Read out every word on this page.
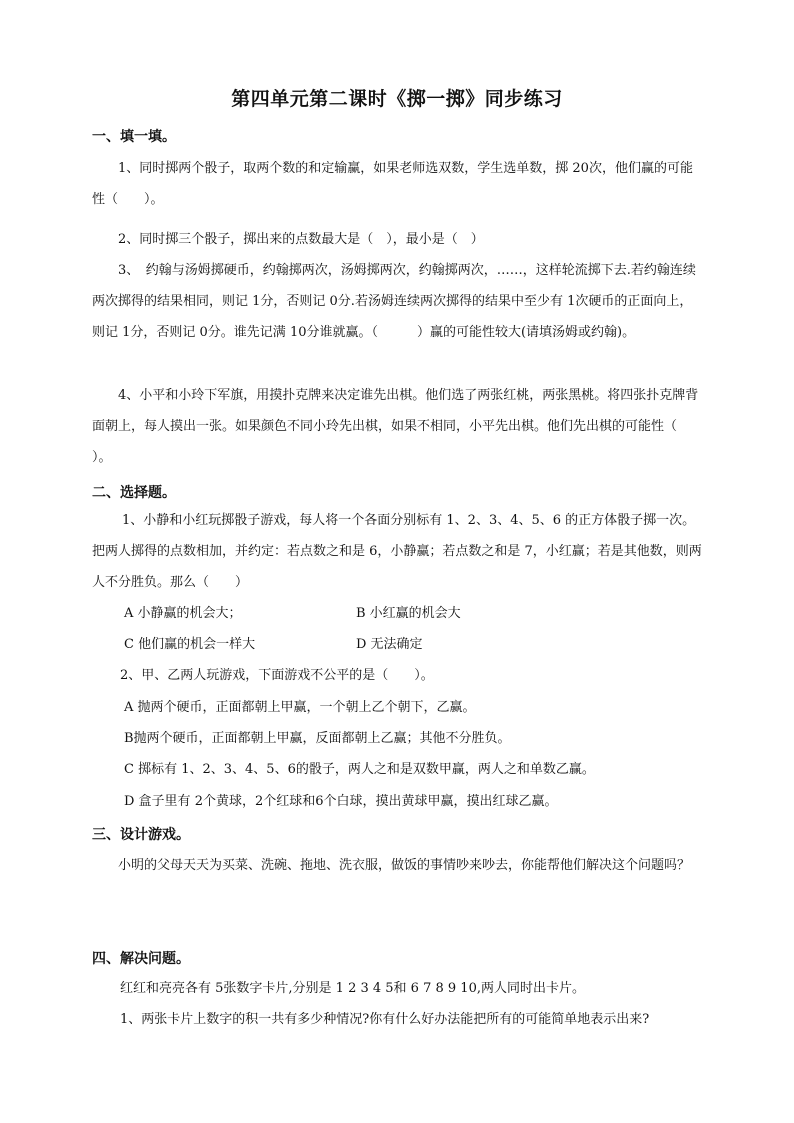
第四单元第二课时《掷一掷》同步练习
一、填一填。
1、同时掷两个骰子，取两个数的和定输赢，如果老师选双数，学生选单数，掷 20次，他们赢的可能性（　　）。
2、同时掷三个骰子，掷出来的点数最大是（　），最小是（　）
3、　约翰与汤姆掷硬币，约翰掷两次，汤姆掷两次，约翰掷两次，……，这样轮流掷下去.若约翰连续两次掷得的结果相同，则记 1分，否则记 0分.若汤姆连续两次掷得的结果中至少有 1次硬币的正面向上，则记 1分，否则记 0分。谁先记满 10分谁就赢。（　　　）赢的可能性较大(请填汤姆或约翰)。
4、小平和小玲下军旗，用摸扑克牌来决定谁先出棋。他们选了两张红桃，两张黑桃。将四张扑克牌背面朝上，每人摸出一张。如果颜色不同小玲先出棋，如果不相同，小平先出棋。他们先出棋的可能性（　　）。
二、选择题。
1、小静和小红玩掷骰子游戏，每人将一个各面分别标有 1、2、3、4、5、6 的正方体骰子掷一次。把两人掷得的点数相加，并约定：若点数之和是 6，小静赢；若点数之和是 7，小红赢；若是其他数，则两人不分胜负。那么（　　）
A 小静赢的机会大；	B 小红赢的机会大
C 他们赢的机会一样大	D 无法确定
2、甲、乙两人玩游戏，下面游戏不公平的是（　　）。
A 抛两个硬币，正面都朝上甲赢，一个朝上乙个朝下，乙赢。
B抛两个硬币，正面都朝上甲赢，反面都朝上乙赢；其他不分胜负。
C 掷标有 1、2、3、4、5、6的骰子，两人之和是双数甲赢，两人之和单数乙赢。
D 盒子里有 2个黄球，2个红球和6个白球，摸出黄球甲赢，摸出红球乙赢。
三、设计游戏。
小明的父母天天为买菜、洗碗、拖地、洗衣服，做饭的事情吵来吵去，你能帮他们解决这个问题吗？
四、解决问题。
红红和亮亮各有 5张数字卡片,分别是 1 2 3 4 5和 6 7 8 9 10,两人同时出卡片。
1、两张卡片上数字的积一共有多少种情况?你有什么好办法能把所有的可能简单地表示出来?
